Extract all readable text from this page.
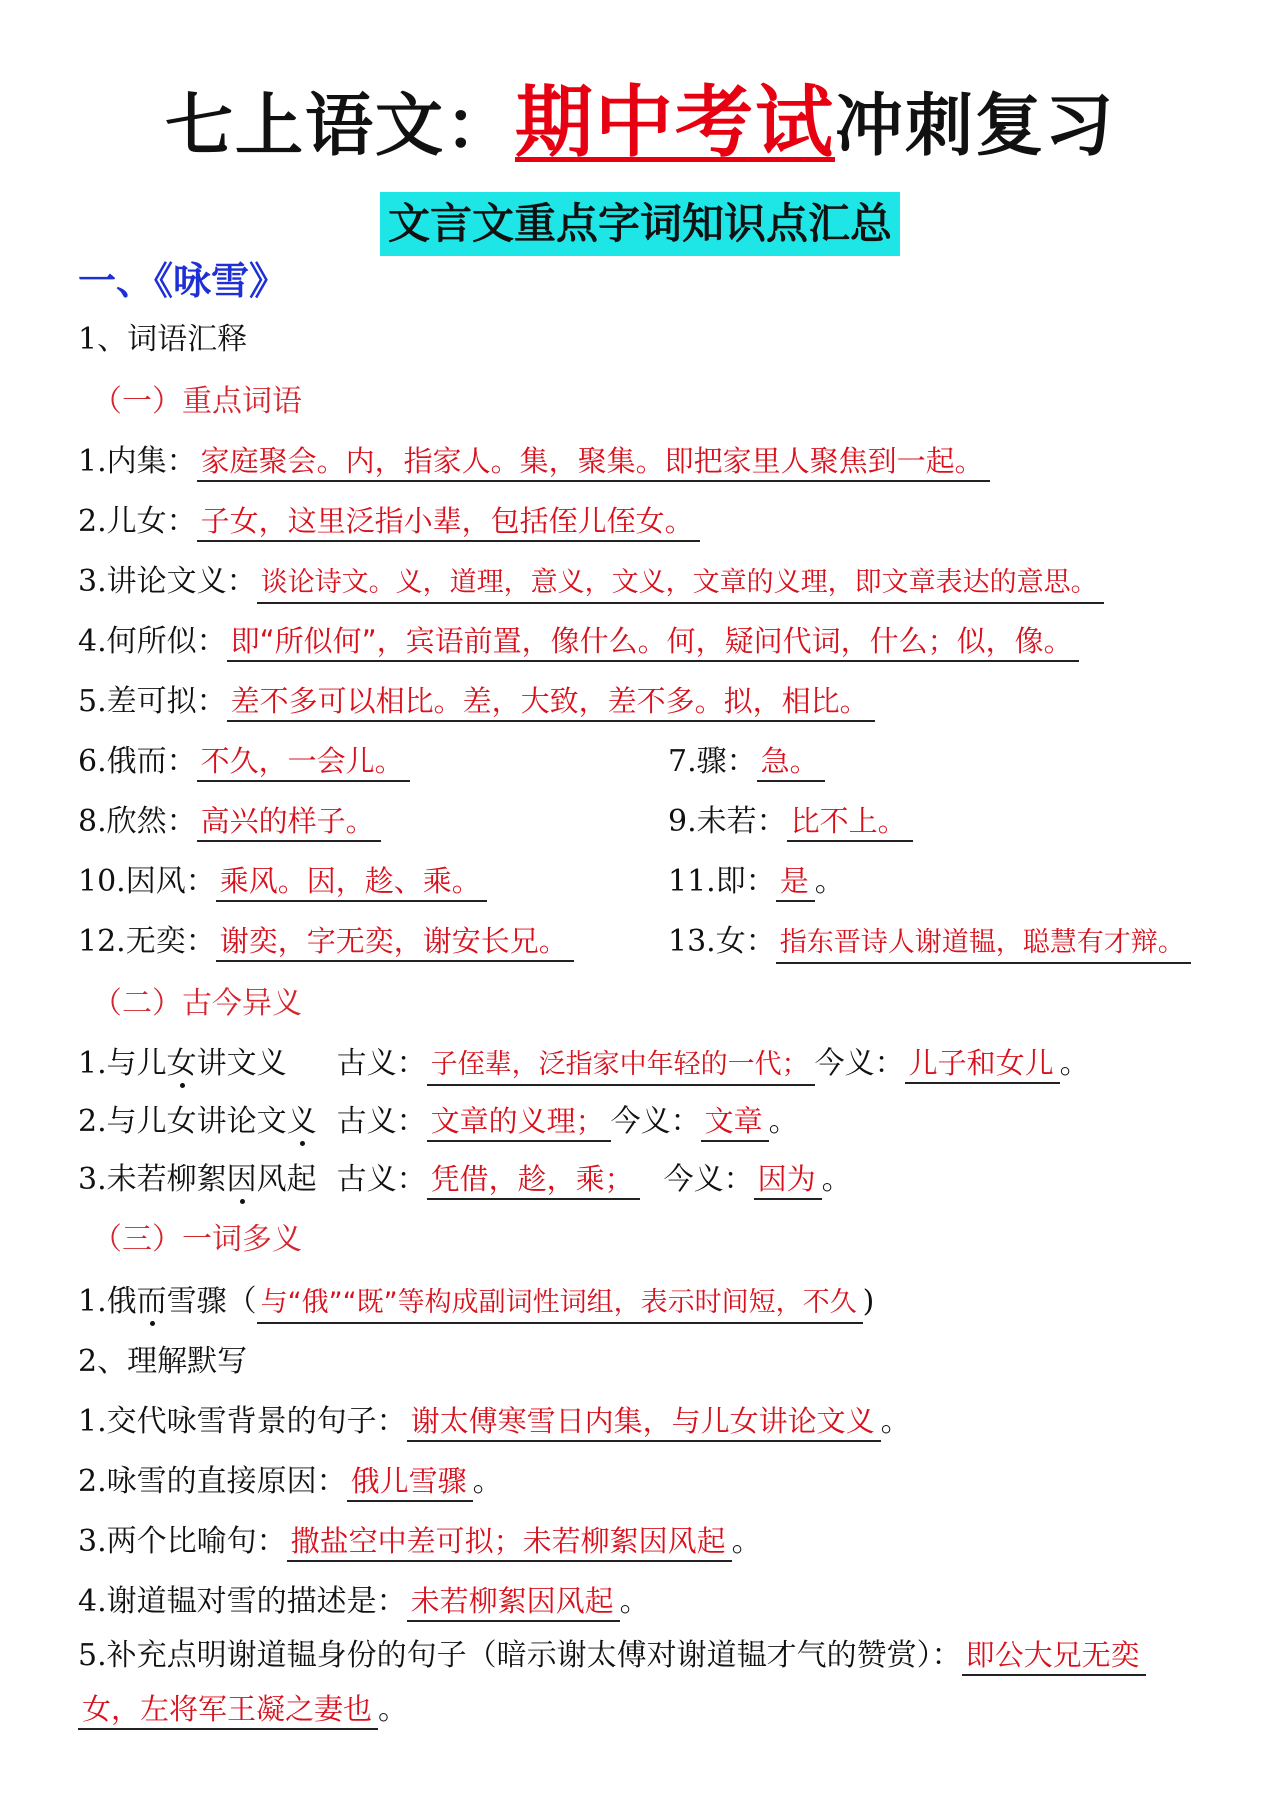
七上语文：期中考试冲刺复习
文言文重点字词知识点汇总
一、《咏雪》
1、词语汇释
（一）重点词语
1.内集： 家庭聚会。内，指家人。集，聚集。即把家里人聚焦到一起。
2.儿女： 子女，这里泛指小辈，包括侄儿侄女。
3.讲论文义： 谈论诗文。义，道理，意义，文义，文章的义理，即文章表达的意思。
4.何所似： 即“所似何”，宾语前置，像什么。何，疑问代词，什么；似，像。
5.差可拟： 差不多可以相比。差，大致，差不多。拟，相比。
6.俄而： 不久，一会儿。	7.骤： 急。
8.欣然： 高兴的样子。	9.未若： 比不上。
10.因风： 乘风。因，趁、乘。	11.即： 是 。
12.无奕： 谢奕，字无奕，谢安长兄。	13.女： 指东晋诗人谢道韫，聪慧有才辩。
（二）古今异义
1.与儿女讲文义 古义： 子侄辈，泛指家中年轻的一代； 今义： 儿子和女儿 。
2.与儿女讲论文义 古义： 文章的义理； 今义： 文章 。
3.未若柳絮因风起 古义： 凭借，趁，乘； 今义： 因为 。
（三）一词多义
1.俄而雪骤（ 与“俄”“既”等构成副词性词组，表示时间短，不久 )
2、理解默写
1.交代咏雪背景的句子： 谢太傅寒雪日内集，与儿女讲论文义 。
2.咏雪的直接原因： 俄儿雪骤 。
3.两个比喻句： 撒盐空中差可拟；未若柳絮因风起 。
4.谢道韫对雪的描述是： 未若柳絮因风起 。
5.补充点明谢道韫身份的句子（暗示谢太傅对谢道韫才气的赞赏）： 即公大兄无奕
女，左将军王凝之妻也 。
